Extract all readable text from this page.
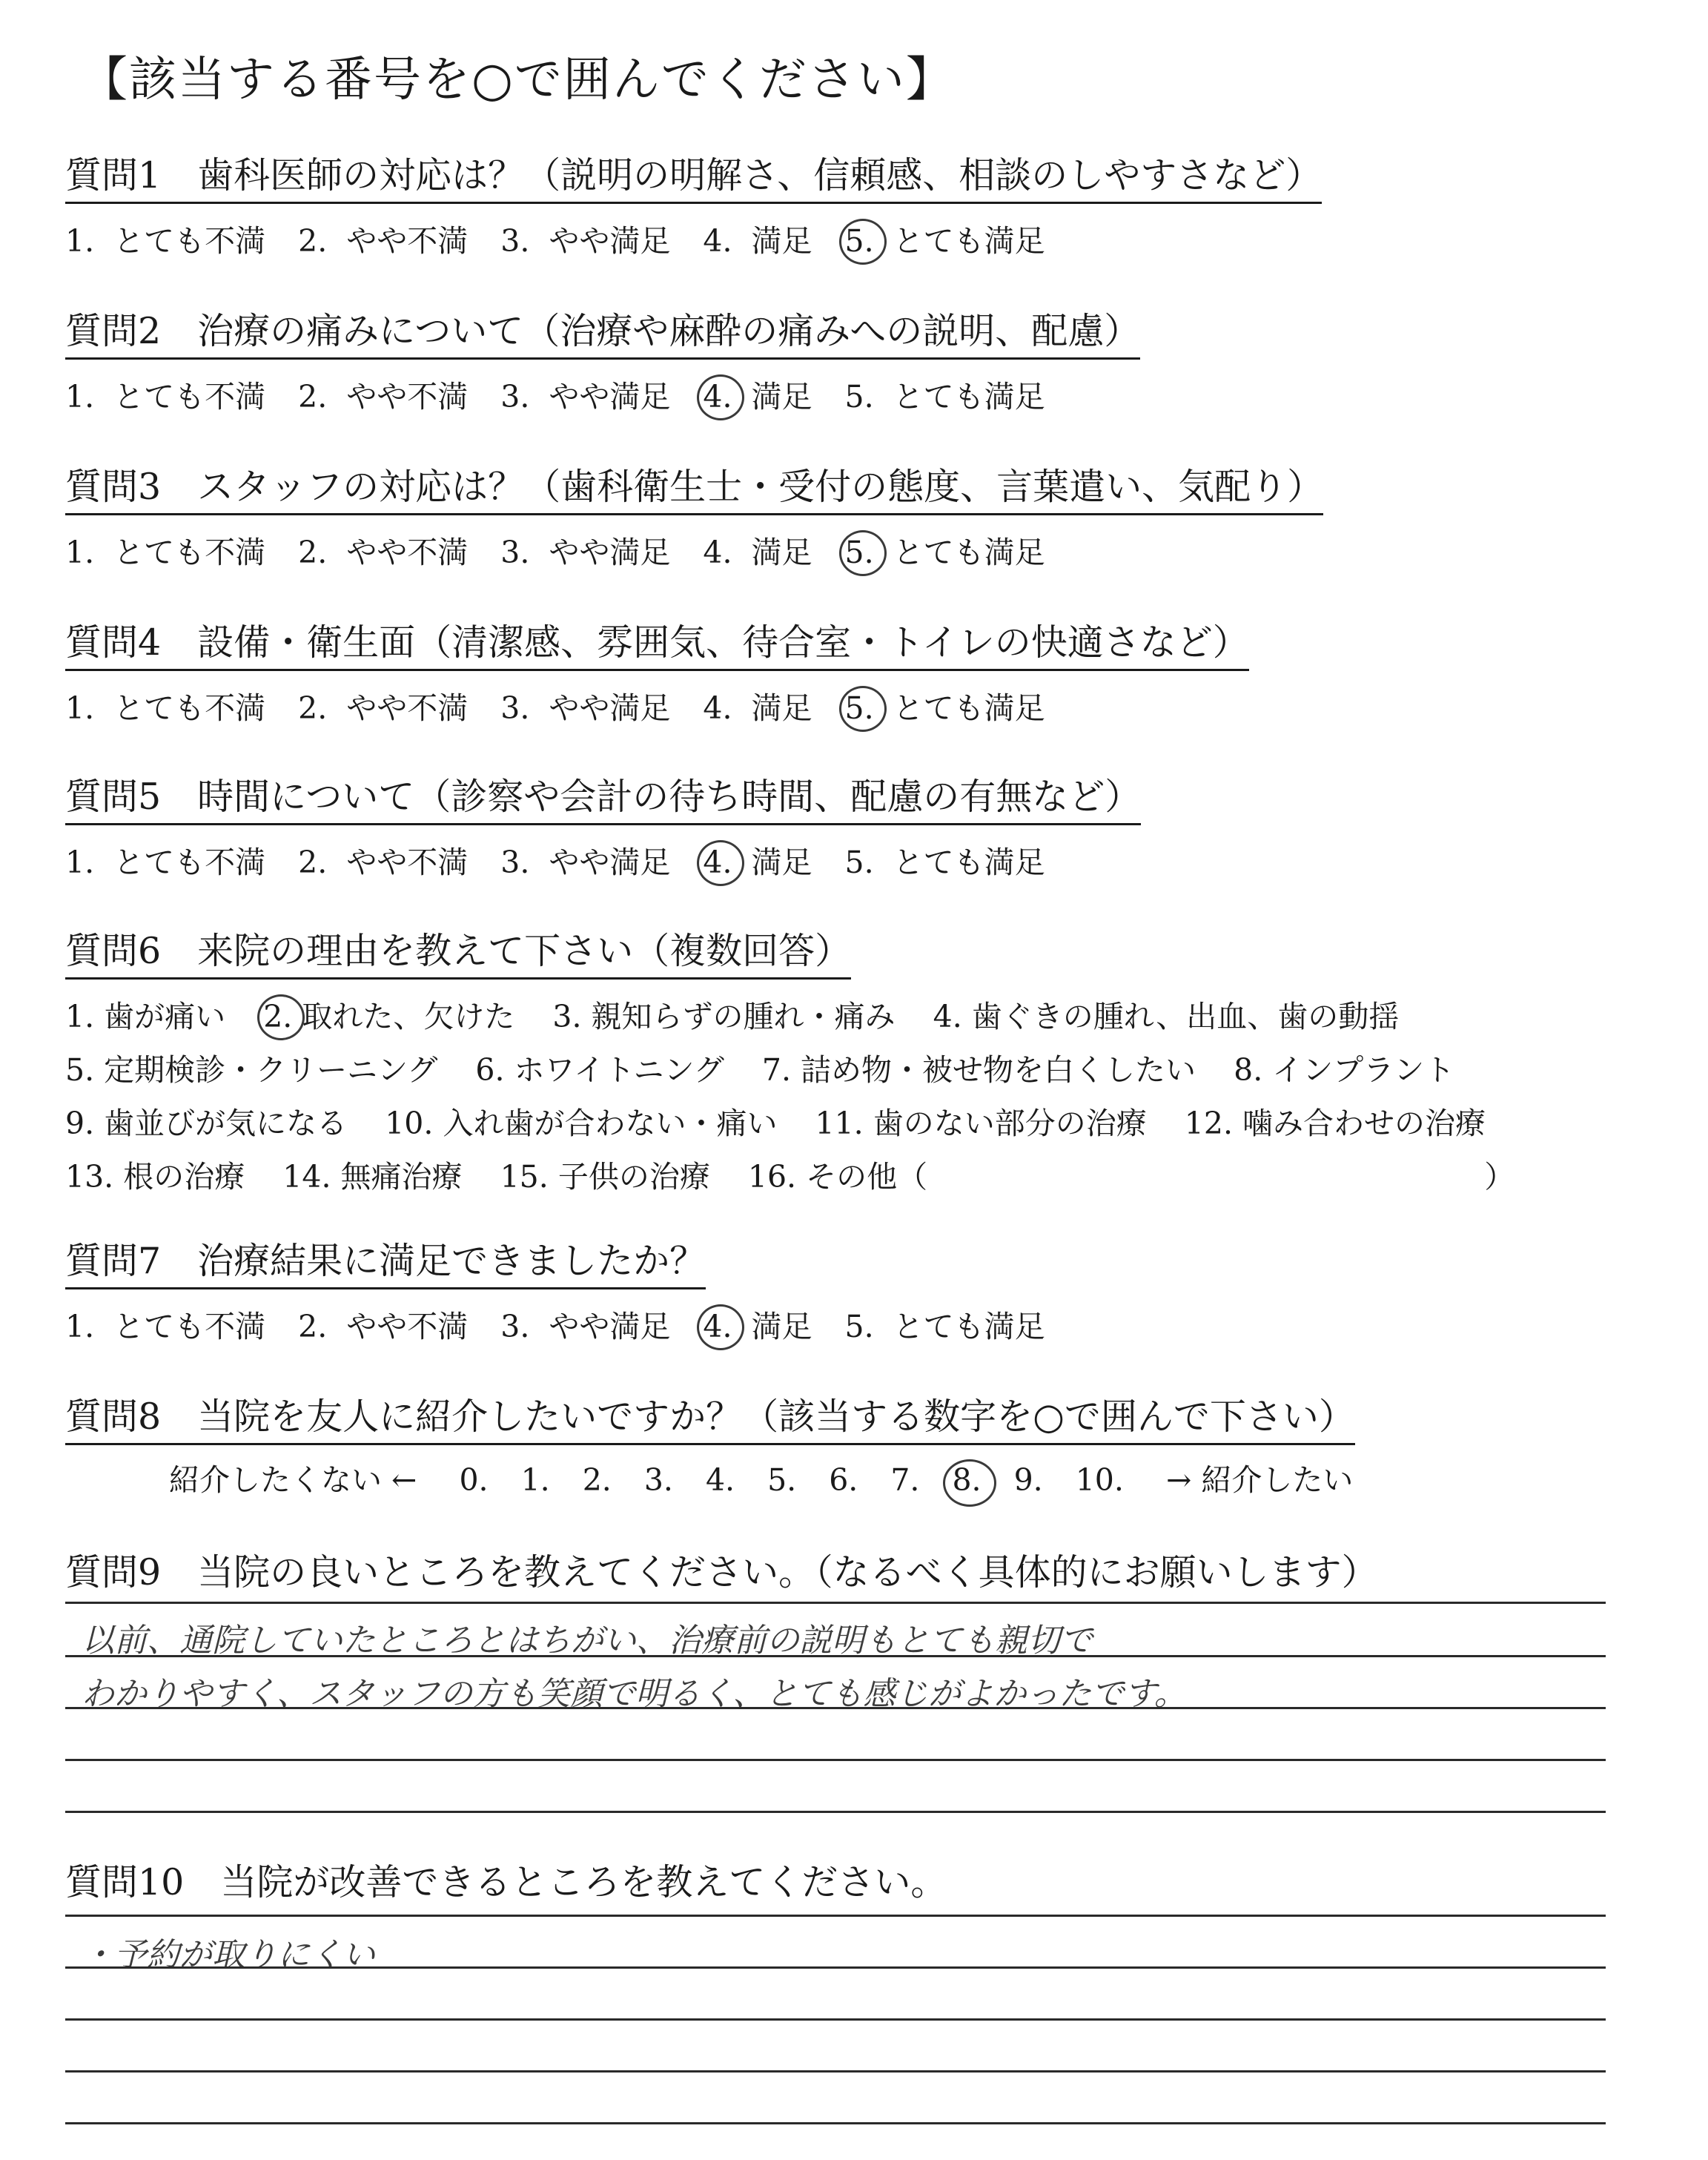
【該当する番号を○で囲んでください】
質問1　歯科医師の対応は？（説明の明解さ、信頼感、相談のしやすさなど）
1. とても不満 2. やや不満 3. やや満足 4. 満足 5. とても満足
質問2　治療の痛みについて（治療や麻酔の痛みへの説明、配慮）
1. とても不満 2. やや不満 3. やや満足 4. 満足 5. とても満足
質問3　スタッフの対応は？（歯科衛生士・受付の態度、言葉遣い、気配り）
1. とても不満 2. やや不満 3. やや満足 4. 満足 5. とても満足
質問4　設備・衛生面（清潔感、雰囲気、待合室・トイレの快適さなど）
1. とても不満 2. やや不満 3. やや満足 4. 満足 5. とても満足
質問5　時間について（診察や会計の待ち時間、配慮の有無など）
1. とても不満 2. やや不満 3. やや満足 4. 満足 5. とても満足
質問6　来院の理由を教えて下さい（複数回答）
1. 歯が痛い 2. 取れた、欠けた 3. 親知らずの腫れ・痛み 4. 歯ぐきの腫れ、出血、歯の動揺
5. 定期検診・クリーニング 6. ホワイトニング 7. 詰め物・被せ物を白くしたい 8. インプラント
9. 歯並びが気になる 10. 入れ歯が合わない・痛い 11. 歯のない部分の治療 12. 噛み合わせの治療
13. 根の治療 14. 無痛治療 15. 子供の治療 16. その他（	）
質問7　治療結果に満足できましたか？
1. とても不満 2. やや不満 3. やや満足 4. 満足 5. とても満足
質問8　当院を友人に紹介したいですか？（該当する数字を○で囲んで下さい）
紹介したくない ← 0. 1. 2. 3. 4. 5. 6. 7. 8. 9. 10. → 紹介したい
質問9　当院の良いところを教えてください。（なるべく具体的にお願いします）
以前、通院していたところとはちがい、治療前の説明もとても親切で
わかりやすく、スタッフの方も笑顔で明るく、とても感じがよかったです。
質問10　当院が改善できるところを教えてください。
・予約が取りにくい
